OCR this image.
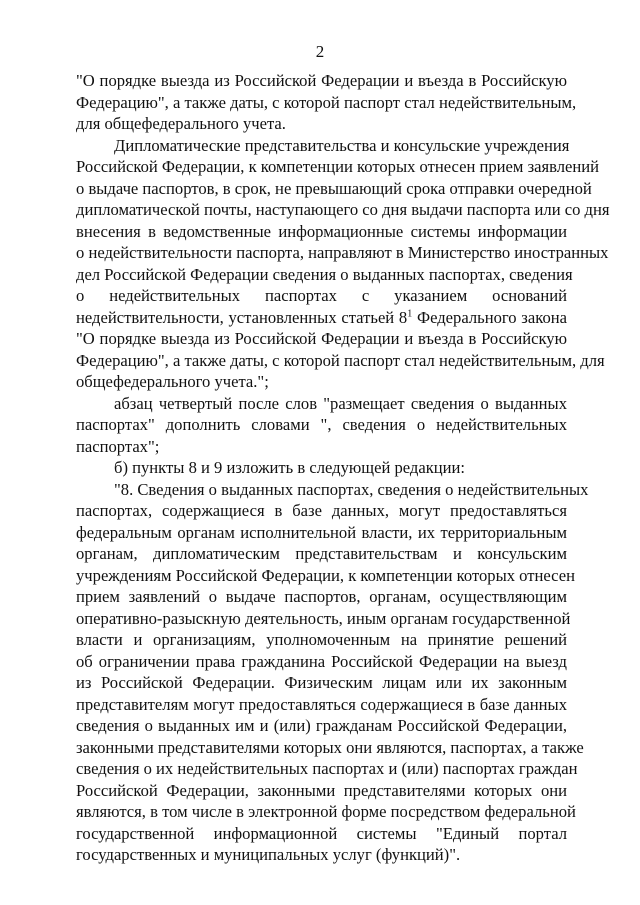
2

"О порядке выезда из Российской Федерации и въезда в Российскую
Федерацию", а также даты, с которой паспорт стал недействительным,
для общефедерального учета.

Дипломатические представительства и консульские учреждения
Российской Федерации, к компетенции которых отнесен прием заявлений
о выдаче паспортов, в срок, не превышающий срока отправки очередной
дипломатической почты, наступающего со дня выдачи паспорта или со дня
внесения в ведомственные информационные системы информации
о недействительности паспорта, направляют в Министерство иностранных
дел Российской Федерации сведения о выданных паспортах, сведения
о недействительных паспортах с указанием оснований
недействительности, установленных статьей $8^1$ Федерального закона
"О порядке выезда из Российской Федерации и въезда в Российскую
Федерацию", а также даты, с которой паспорт стал недействительным, для
общефедерального учета.";

абзац четвертый после слов "размещает сведения о выданных
паспортах" дополнить словами ", сведения о недействительных
паспортах";

б) пункты 8 и 9 изложить в следующей редакции:

"8. Сведения о выданных паспортах, сведения о недействительных
паспортах, содержащиеся в базе данных, могут предоставляться
федеральным органам исполнительной власти, их территориальным
органам, дипломатическим представительствам и консульским
учреждениям Российской Федерации, к компетенции которых отнесен
прием заявлений о выдаче паспортов, органам, осуществляющим
оперативно-разыскную деятельность, иным органам государственной
власти и организациям, уполномоченным на принятие решений
об ограничении права гражданина Российской Федерации на выезд
из Российской Федерации. Физическим лицам или их законным
представителям могут предоставляться содержащиеся в базе данных
сведения о выданных им и (или) гражданам Российской Федерации,
законными представителями которых они являются, паспортах, а также
сведения о их недействительных паспортах и (или) паспортах граждан
Российской Федерации, законными представителями которых они
являются, в том числе в электронной форме посредством федеральной
государственной информационной системы "Единый портал
государственных и муниципальных услуг (функций)".
